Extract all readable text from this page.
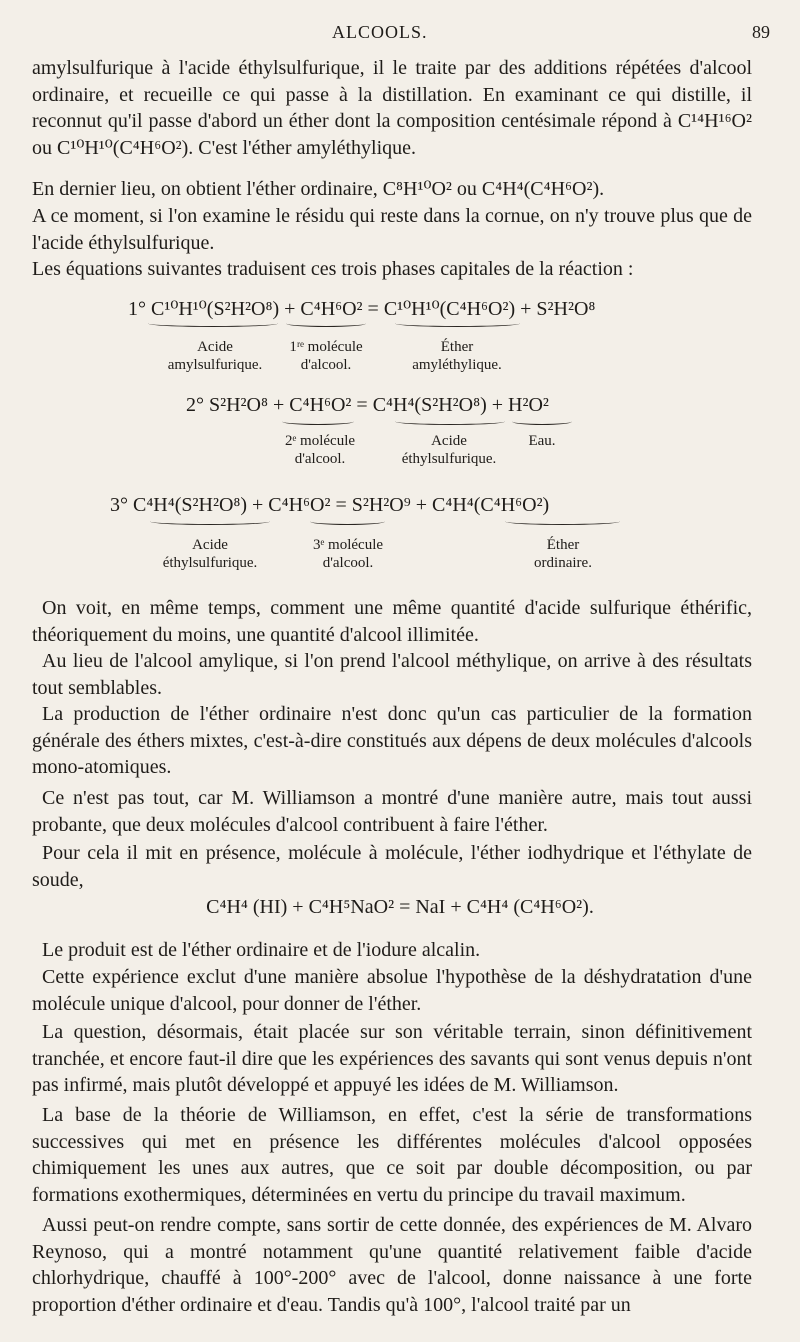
ALCOOLS.	89
amylsulfurique à l'acide éthylsulfurique, il le traite par des additions répétées d'alcool ordinaire, et recueille ce qui passe à la distillation. En examinant ce qui distille, il reconnut qu'il passe d'abord un éther dont la composition centésimale répond à C¹⁴H¹⁶O² ou C¹⁰H¹⁰(C⁴H⁶O²). C'est l'éther amyléthylique.
En dernier lieu, on obtient l'éther ordinaire, C⁸H¹⁰O² ou C⁴H⁴(C⁴H⁶O²).
A ce moment, si l'on examine le résidu qui reste dans la cornue, on n'y trouve plus que de l'acide éthylsulfurique.
Les équations suivantes traduisent ces trois phases capitales de la réaction :
1° C¹⁰H¹⁰(S²H²O⁸) + C⁴H⁶O² = C¹⁰H¹⁰(C⁴H⁶O²) + S²H²O⁸
Acide
amylsulfurique.
1ʳᵉ molécule
d'alcool.
Éther
amyléthylique.
2° S²H²O⁸ + C⁴H⁶O² = C⁴H⁴(S²H²O⁸) + H²O²
2ᵉ molécule
d'alcool.
Acide
éthylsulfurique.
Eau.
3° C⁴H⁴(S²H²O⁸) + C⁴H⁶O² = S²H²O⁹ + C⁴H⁴(C⁴H⁶O²)
Acide
éthylsulfurique.
3ᵉ molécule
d'alcool.
Éther
ordinaire.
On voit, en même temps, comment une même quantité d'acide sulfurique éthérific, théoriquement du moins, une quantité d'alcool illimitée.
Au lieu de l'alcool amylique, si l'on prend l'alcool méthylique, on arrive à des résultats tout semblables.
La production de l'éther ordinaire n'est donc qu'un cas particulier de la formation générale des éthers mixtes, c'est-à-dire constitués aux dépens de deux molécules d'alcools mono-atomiques.
Ce n'est pas tout, car M. Williamson a montré d'une manière autre, mais tout aussi probante, que deux molécules d'alcool contribuent à faire l'éther.
Pour cela il mit en présence, molécule à molécule, l'éther iodhydrique et l'éthylate de soude,
C⁴H⁴ (HI) + C⁴H⁵NaO² = NaI + C⁴H⁴ (C⁴H⁶O²).
Le produit est de l'éther ordinaire et de l'iodure alcalin.
Cette expérience exclut d'une manière absolue l'hypothèse de la déshydratation d'une molécule unique d'alcool, pour donner de l'éther.
La question, désormais, était placée sur son véritable terrain, sinon définitivement tranchée, et encore faut-il dire que les expériences des savants qui sont venus depuis n'ont pas infirmé, mais plutôt développé et appuyé les idées de M. Williamson.
La base de la théorie de Williamson, en effet, c'est la série de transformations successives qui met en présence les différentes molécules d'alcool opposées chimiquement les unes aux autres, que ce soit par double décomposition, ou par formations exothermiques, déterminées en vertu du principe du travail maximum.
Aussi peut-on rendre compte, sans sortir de cette donnée, des expériences de M. Alvaro Reynoso, qui a montré notamment qu'une quantité relativement faible d'acide chlorhydrique, chauffé à 100°-200° avec de l'alcool, donne naissance à une forte proportion d'éther ordinaire et d'eau. Tandis qu'à 100°, l'alcool traité par un
